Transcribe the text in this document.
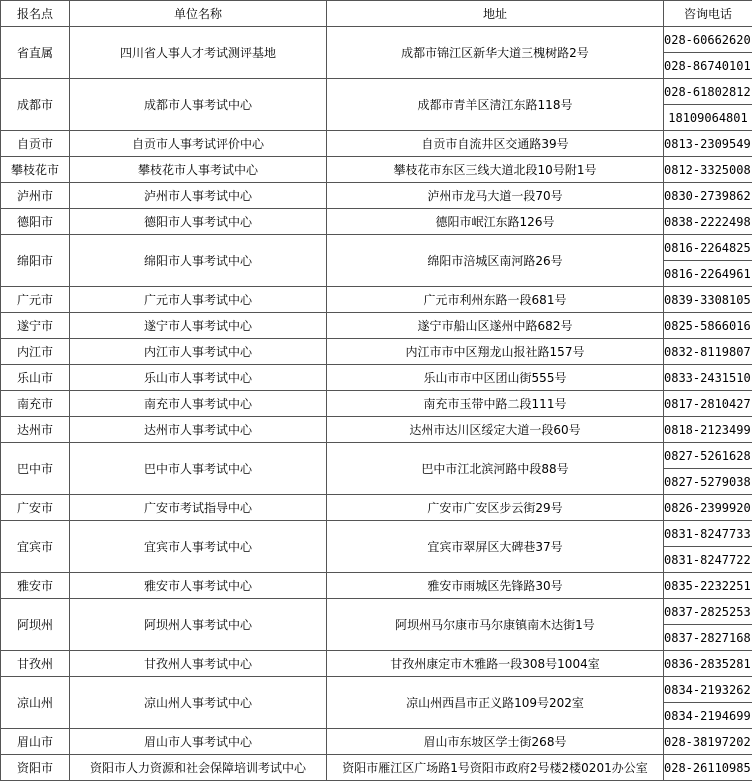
报名点	单位名称	地址	咨询电话
省直属	四川省人事人才考试测评基地	成都市锦江区新华大道三槐树路2号	028-60662620
			028-86740101
成都市	成都市人事考试中心	成都市青羊区清江东路118号	028-61802812
			18109064801
自贡市	自贡市人事考试评价中心	自贡市自流井区交通路39号	0813-2309549
攀枝花市	攀枝花市人事考试中心	攀枝花市东区三线大道北段10号附1号	0812-3325008
泸州市	泸州市人事考试中心	泸州市龙马大道一段70号	0830-2739862
德阳市	德阳市人事考试中心	德阳市岷江东路126号	0838-2222498
绵阳市	绵阳市人事考试中心	绵阳市涪城区南河路26号	0816-2264825
			0816-2264961
广元市	广元市人事考试中心	广元市利州东路一段681号	0839-3308105
遂宁市	遂宁市人事考试中心	遂宁市船山区遂州中路682号	0825-5866016
内江市	内江市人事考试中心	内江市市中区翔龙山报社路157号	0832-8119807
乐山市	乐山市人事考试中心	乐山市市中区团山街555号	0833-2431510
南充市	南充市人事考试中心	南充市玉带中路二段111号	0817-2810427
达州市	达州市人事考试中心	达州市达川区绥定大道一段60号	0818-2123499
巴中市	巴中市人事考试中心	巴中市江北滨河路中段88号	0827-5261628
			0827-5279038
广安市	广安市考试指导中心	广安市广安区步云街29号	0826-2399920
宜宾市	宜宾市人事考试中心	宜宾市翠屏区大碑巷37号	0831-8247733
			0831-8247722
雅安市	雅安市人事考试中心	雅安市雨城区先锋路30号	0835-2232251
阿坝州	阿坝州人事考试中心	阿坝州马尔康市马尔康镇南木达街1号	0837-2825253
			0837-2827168
甘孜州	甘孜州人事考试中心	甘孜州康定市木雅路一段308号1004室	0836-2835281
凉山州	凉山州人事考试中心	凉山州西昌市正义路109号202室	0834-2193262
			0834-2194699
眉山市	眉山市人事考试中心	眉山市东坡区学士街268号	028-38197202
资阳市	资阳市人力资源和社会保障培训考试中心	资阳市雁江区广场路1号资阳市政府2号楼2楼0201办公室	028-26110985
